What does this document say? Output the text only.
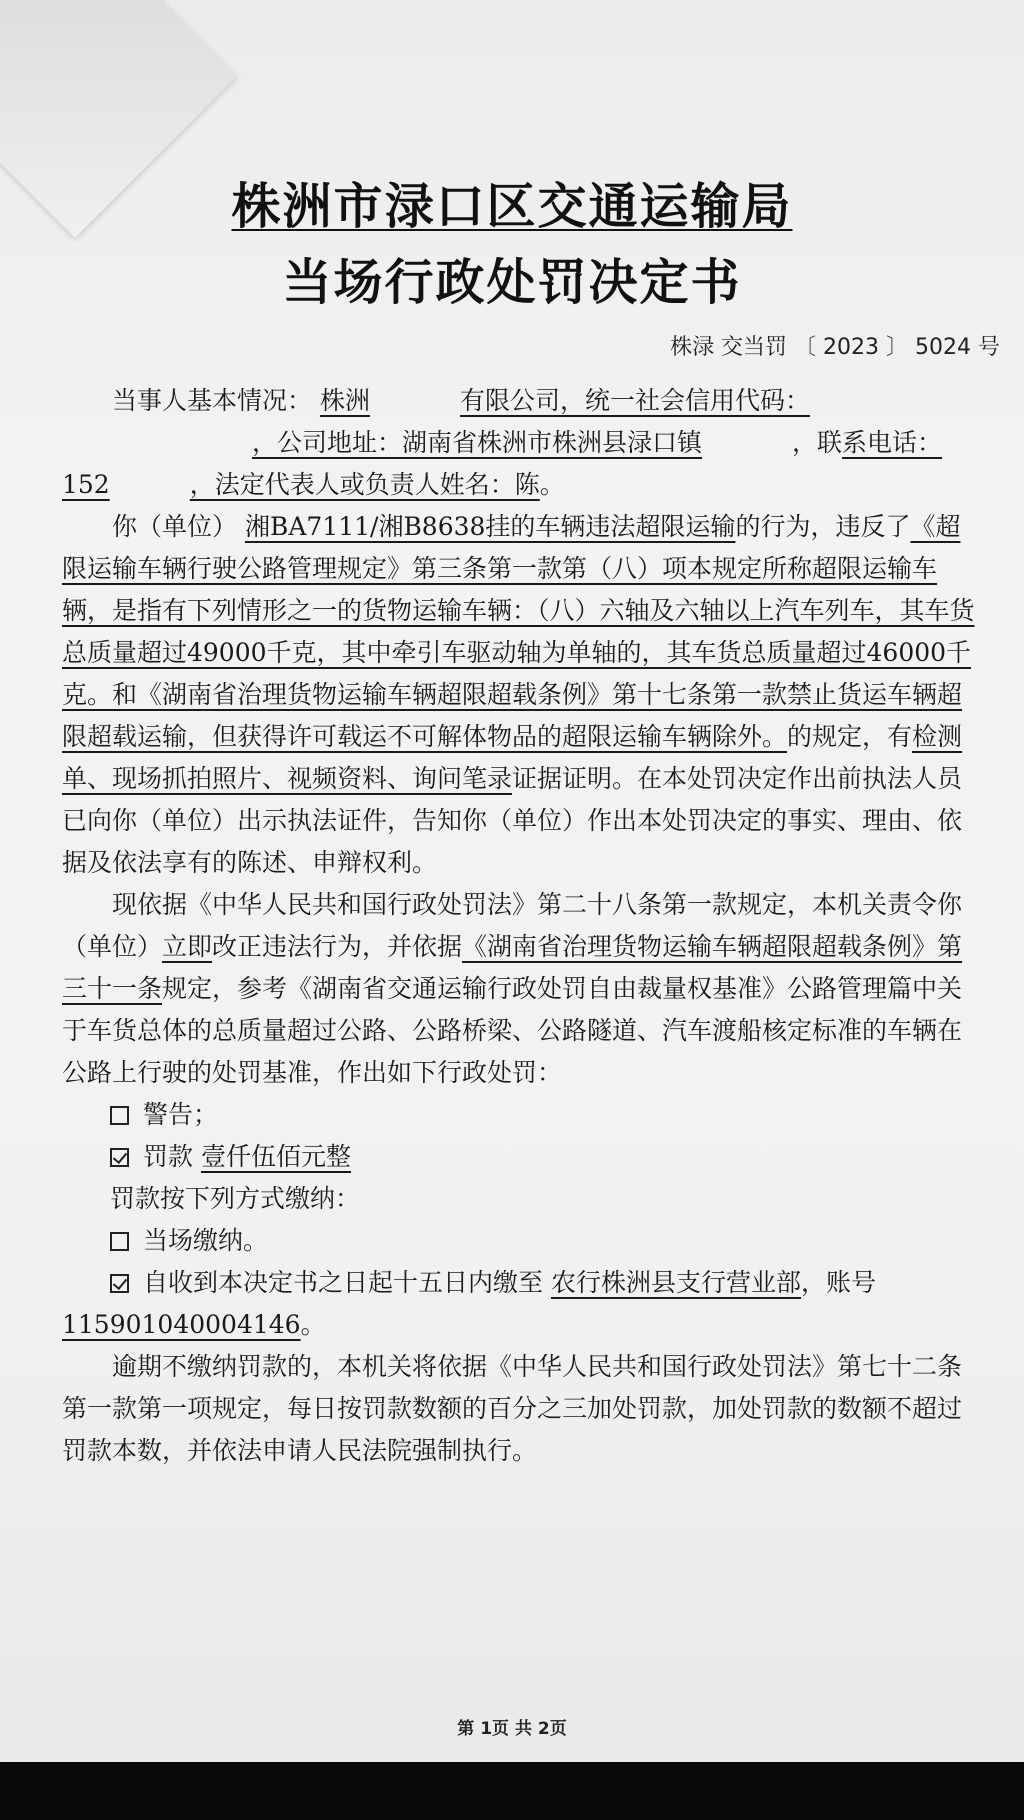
株洲市渌口区交通运输局
当场行政处罚决定书
株渌 交当罚 〔 2023 〕 5024 号

当事人基本情况： 株洲	有限公司，统一社会信用代码：，公司地址：湖南省株洲市株洲县渌口镇	，联系电话：152	，法定代表人或负责人姓名：陈。

你（单位） 湘BA7111/湘B8638挂的车辆违法超限运输的行为，违反了《超限运输车辆行驶公路管理规定》第三条第一款第（八）项本规定所称超限运输车辆，是指有下列情形之一的货物运输车辆：（八）六轴及六轴以上汽车列车，其车货总质量超过49000千克，其中牵引车驱动轴为单轴的，其车货总质量超过46000千克。和《湖南省治理货物运输车辆超限超载条例》第十七条第一款禁止货运车辆超限超载运输，但获得许可载运不可解体物品的超限运输车辆除外。的规定，有检测单、现场抓拍照片、视频资料、询问笔录证据证明。在本处罚决定作出前执法人员已向你（单位）出示执法证件，告知你（单位）作出本处罚决定的事实、理由、依据及依法享有的陈述、申辩权利。

现依据《中华人民共和国行政处罚法》第二十八条第一款规定，本机关责令你（单位）立即改正违法行为，并依据《湖南省治理货物运输车辆超限超载条例》第三十一条规定，参考《湖南省交通运输行政处罚自由裁量权基准》公路管理篇中关于车货总体的总质量超过公路、公路桥梁、公路隧道、汽车渡船核定标准的车辆在公路上行驶的处罚基准，作出如下行政处罚：

警告；

罚款 壹仟伍佰元整

罚款按下列方式缴纳：

当场缴纳。

自收到本决定书之日起十五日内缴至 农行株洲县支行营业部，账号 115901040004146。

逾期不缴纳罚款的，本机关将依据《中华人民共和国行政处罚法》第七十二条第一款第一项规定，每日按罚款数额的百分之三加处罚款，加处罚款的数额不超过罚款本数，并依法申请人民法院强制执行。

第 1页 共 2页
